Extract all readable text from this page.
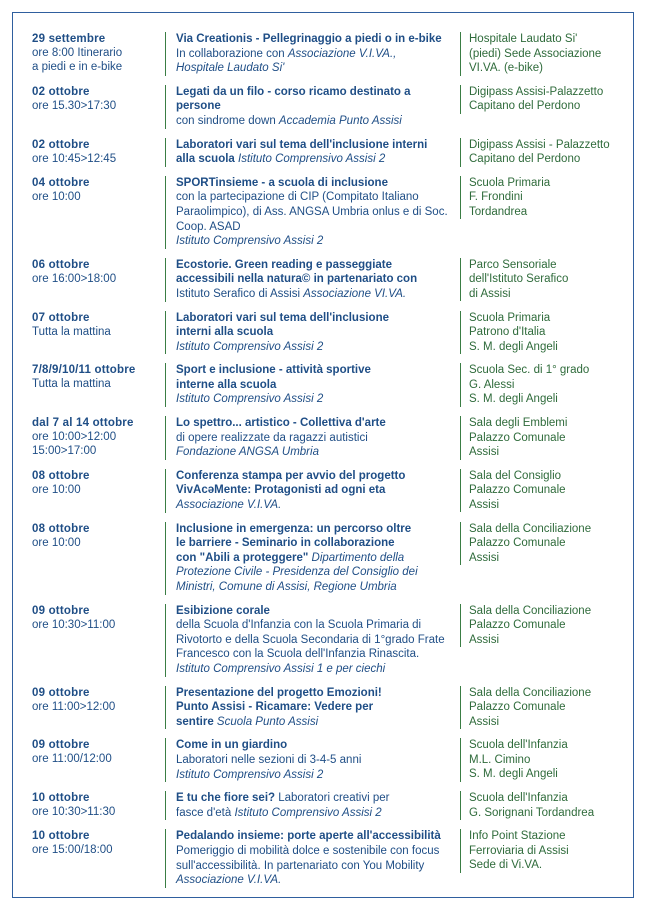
29 settembre
ore 8:00 Itinerario
a piedi e in e-bike
Via Creationis - Pellegrinaggio a piedi o in e-bike
In collaborazione con Associazione V.I.VA.,
Hospitale Laudato Si'
Hospitale Laudato Si'
(piedi) Sede Associazione
VI.VA. (e-bike)
02 ottobre
ore 15.30>17:30
Legati da un filo - corso ricamo destinato a persone
con sindrome down Accademia Punto Assisi
Digipass Assisi-Palazzetto
Capitano del Perdono
02 ottobre
ore 10:45>12:45
Laboratori vari sul tema dell'inclusione interni
alla scuola Istituto Comprensivo Assisi 2
Digipass Assisi - Palazzetto
Capitano del Perdono
04 ottobre
ore 10:00
SPORTinsieme - a scuola di inclusione
con la partecipazione di CIP (Compitato Italiano Paraolimpico), di Ass. ANGSA Umbria onlus e di Soc. Coop. ASAD
Istituto Comprensivo Assisi 2
Scuola Primaria
F. Frondini
Tordandrea
06 ottobre
ore 16:00>18:00
Ecostorie. Green reading e passeggiate
accessibili nella natura© in partenariato con
Istituto Serafico di Assisi Associazione VI.VA.
Parco Sensoriale
dell'Istituto Serafico
di Assisi
07 ottobre
Tutta la mattina
Laboratori vari sul tema dell'inclusione
interni alla scuola
Istituto Comprensivo Assisi 2
Scuola Primaria
Patrono d'Italia
S. M. degli Angeli
7/8/9/10/11 ottobre
Tutta la mattina
Sport e inclusione - attività sportive
interne alla scuola
Istituto Comprensivo Assisi 2
Scuola Sec. di 1° grado
G. Alessi
S. M. degli Angeli
dal 7 al 14 ottobre
ore 10:00>12:00
15:00>17:00
Lo spettro... artistico - Collettiva d'arte
di opere realizzate da ragazzi autistici
Fondazione ANGSA Umbria
Sala degli Emblemi
Palazzo Comunale
Assisi
08 ottobre
ore 10:00
Conferenza stampa per avvio del progetto
VivAcəMente: Protagonisti ad ogni eta
Associazione V.I.VA.
Sala del Consiglio
Palazzo Comunale
Assisi
08 ottobre
ore 10:00
Inclusione in emergenza: un percorso oltre
le barriere - Seminario in collaborazione
con "Abili a proteggere" Dipartimento della
Protezione Civile - Presidenza del Consiglio dei Ministri, Comune di Assisi, Regione Umbria
Sala della Conciliazione
Palazzo Comunale
Assisi
09 ottobre
ore 10:30>11:00
Esibizione corale
della Scuola d'Infanzia con la Scuola Primaria di Rivotorto e della Scuola Secondaria di 1°grado Frate Francesco con la Scuola dell'Infanzia Rinascita.
Istituto Comprensivo Assisi 1 e per ciechi
Sala della Conciliazione
Palazzo Comunale
Assisi
09 ottobre
ore 11:00>12:00
Presentazione del progetto Emozioni!
Punto Assisi - Ricamare: Vedere per
sentire Scuola Punto Assisi
Sala della Conciliazione
Palazzo Comunale
Assisi
09 ottobre
ore 11:00/12:00
Come in un giardino
Laboratori nelle sezioni di 3-4-5 anni
Istituto Comprensivo Assisi 2
Scuola dell'Infanzia
M.L. Cimino
S. M. degli Angeli
10 ottobre
ore 10:30>11:30
E tu che fiore sei? Laboratori creativi per
fasce d'età Istituto Comprensivo Assisi 2
Scuola dell'Infanzia
G. Sorignani Tordandrea
10 ottobre
ore 15:00/18:00
Pedalando insieme: porte aperte all'accessibilità
Pomeriggio di mobilità dolce e sostenibile con focus sull'accessibilità. In partenariato con You Mobility Associazione V.I.VA.
Info Point Stazione
Ferroviaria di Assisi
Sede di Vi.VA.
